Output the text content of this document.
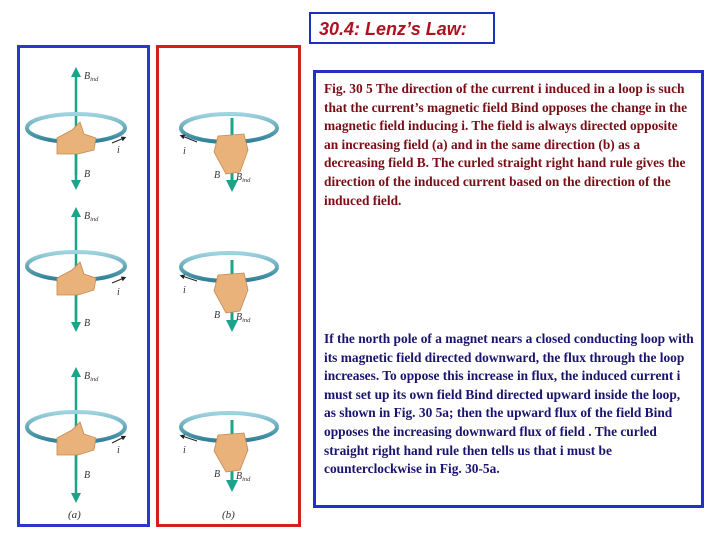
30.4: Lenz’s Law:
$B_{ind}$
B
i
$B_{ind}$
B
i
$B_{ind}$
B
i
i
B $B_{ind}$
i
B $B_{ind}$
i
B $B_{ind}$
(a)	(b)
Fig. 30 5 The direction of the current i induced in a loop is such that the current’s magnetic field Bind opposes the change in the magnetic field inducing i. The field is always directed opposite an increasing field (a) and in the same direction (b) as a decreasing field B. The curled straight right hand rule gives the direction of the induced current based on the direction of the induced field.
If the north pole of a magnet nears a closed conducting loop with its magnetic field directed downward, the flux through the loop increases. To oppose this increase in flux, the induced current i must set up its own field Bind directed upward inside the loop, as shown in Fig. 30 5a; then the upward flux of the field Bind opposes the increasing downward flux of field . The curled straight right hand rule then tells us that i must be counterclockwise in Fig. 30-5a.
